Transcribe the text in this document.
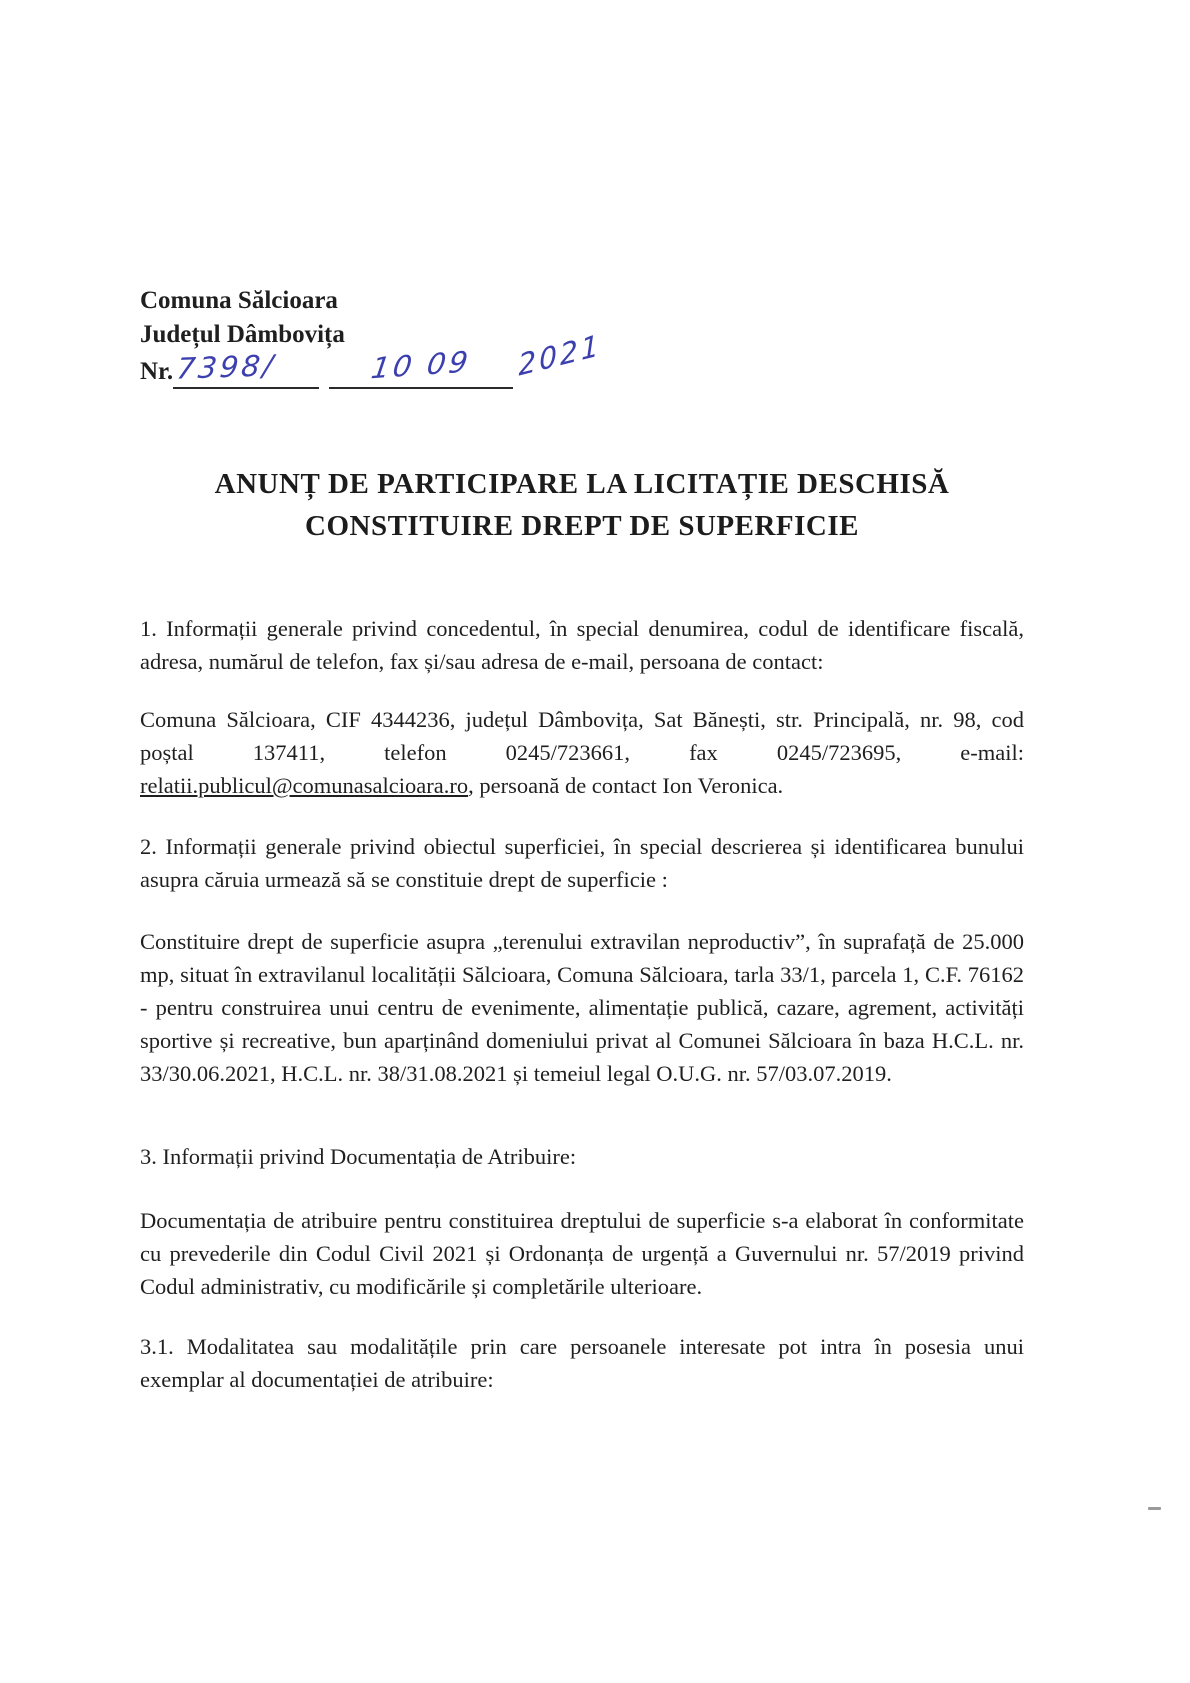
Comuna Sălcioara
Județul Dâmbovița
Nr.7398/	10 09 2021
ANUNȚ DE PARTICIPARE LA LICITAȚIE DESCHISĂ
CONSTITUIRE DREPT DE SUPERFICIE

1. Informații generale privind concedentul, în special denumirea, codul de identificare fiscală, adresa, numărul de telefon, fax și/sau adresa de e-mail, persoana de contact:

Comuna Sălcioara, CIF 4344236, județul Dâmbovița, Sat Bănești, str. Principală, nr. 98, cod poștal 137411, telefon 0245/723661, fax 0245/723695, e-mail: relatii.publicul@comunasalcioara.ro, persoană de contact Ion Veronica.

2. Informații generale privind obiectul superficiei, în special descrierea și identificarea bunului asupra căruia urmează să se constituie drept de superficie :

Constituire drept de superficie asupra „terenului extravilan neproductiv”, în suprafață de 25.000 mp, situat în extravilanul localității Sălcioara, Comuna Sălcioara, tarla 33/1, parcela 1, C.F. 76162 - pentru construirea unui centru de evenimente, alimentație publică, cazare, agrement, activități sportive și recreative, bun aparținând domeniului privat al Comunei Sălcioara în baza H.C.L. nr. 33/30.06.2021, H.C.L. nr. 38/31.08.2021 și temeiul legal O.U.G. nr. 57/03.07.2019.

3. Informații privind Documentația de Atribuire:

Documentația de atribuire pentru constituirea dreptului de superficie s-a elaborat în conformitate cu prevederile din Codul Civil 2021 și Ordonanța de urgență a Guvernului nr. 57/2019 privind Codul administrativ, cu modificările și completările ulterioare.

3.1. Modalitatea sau modalitățile prin care persoanele interesate pot intra în posesia unui exemplar al documentației de atribuire:
